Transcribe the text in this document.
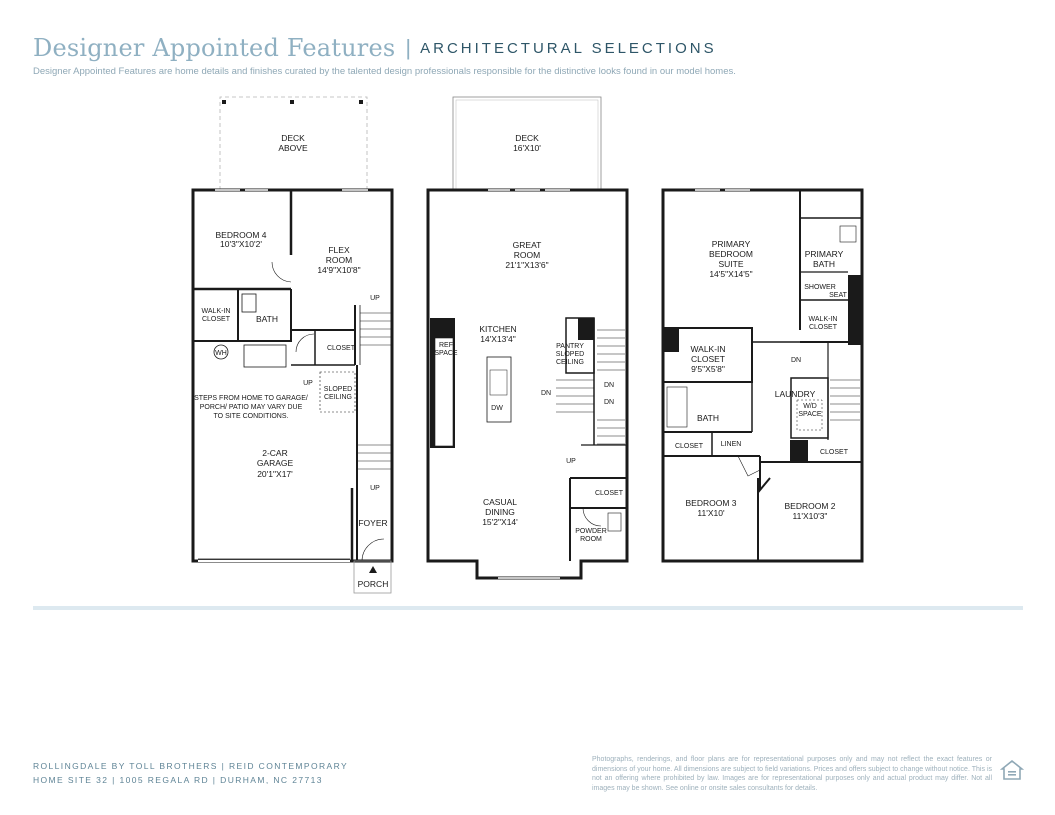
Designer Appointed Features | ARCHITECTURAL SELECTIONS
Designer Appointed Features are home details and finishes curated by the talented design professionals responsible for the distinctive looks found in our model homes.
DECK
ABOVE
BEDROOM 4
10'3"X10'2'
FLEX
ROOM
14'9"X10'8"
WALK-IN
CLOSET	BATH
WH
CLOSET
UP
UP
UP
SLOPED
CEILING
STEPS FROM HOME TO GARAGE/
PORCH/ PATIO MAY VARY DUE
TO SITE CONDITIONS.
2-CAR
GARAGE
20'1"X17'
FOYER
PORCH
DECK
16'X10'
GREAT
ROOM
21'1"X13'6"
KITCHEN
14'X13'4"
REF
SPACE
DW
PANTRY
SLOPED
CEILING
DN
DN
DN
UP
CLOSET
CASUAL
DINING
15'2"X14'
POWDER
ROOM
PRIMARY
BEDROOM
SUITE
14'5"X14'5"
PRIMARY
BATH
SHOWER
SEAT
WALK-IN
CLOSET
WALK-IN
CLOSET
9'5"X5'8"
DN
LAUNDRY
W/D
SPACE
BATH
CLOSET	LINEN
CLOSET
BEDROOM 3
11'X10'
BEDROOM 2
11'X10'3"
ROLLINGDALE BY TOLL BROTHERS | REID CONTEMPORARY
HOME SITE 32 | 1005 REGALA RD | DURHAM, NC 27713
Photographs, renderings, and floor plans are for representational purposes only and may not reflect the exact features or dimensions of your home. All dimensions are subject to field variations. Prices and offers subject to change without notice. This is not an offering where prohibited by law. Images are for representational purposes only and actual product may differ. Not all images may be shown. See online or onsite sales consultants for details.
